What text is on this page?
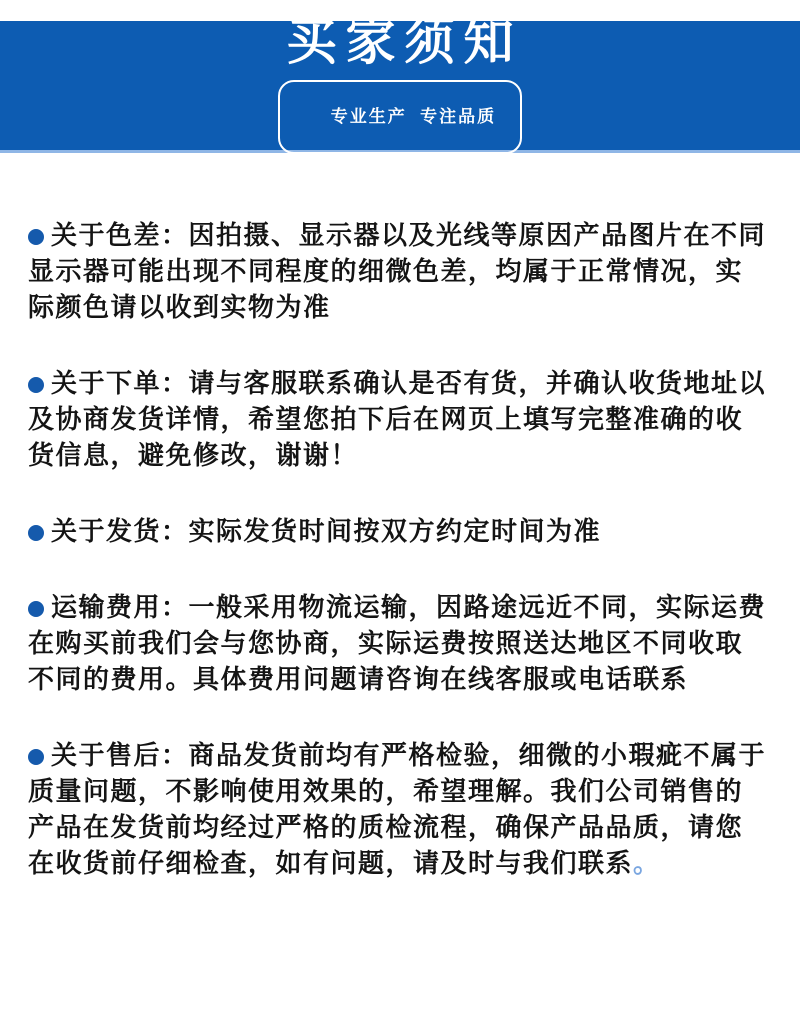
买家须知

专业生产  专注品质

关于色差：因拍摄、显示器以及光线等原因产品图片在不同显示器可能出现不同程度的细微色差，均属于正常情况，实际颜色请以收到实物为准

关于下单：请与客服联系确认是否有货，并确认收货地址以及协商发货详情，希望您拍下后在网页上填写完整准确的收货信息，避免修改，谢谢！

关于发货：实际发货时间按双方约定时间为准

运输费用：一般采用物流运输，因路途远近不同，实际运费在购买前我们会与您协商，实际运费按照送达地区不同收取不同的费用。具体费用问题请咨询在线客服或电话联系

关于售后：商品发货前均有严格检验，细微的小瑕疵不属于质量问题，不影响使用效果的，希望理解。我们公司销售的产品在发货前均经过严格的质检流程，确保产品品质，请您在收货前仔细检查，如有问题，请及时与我们联系。
